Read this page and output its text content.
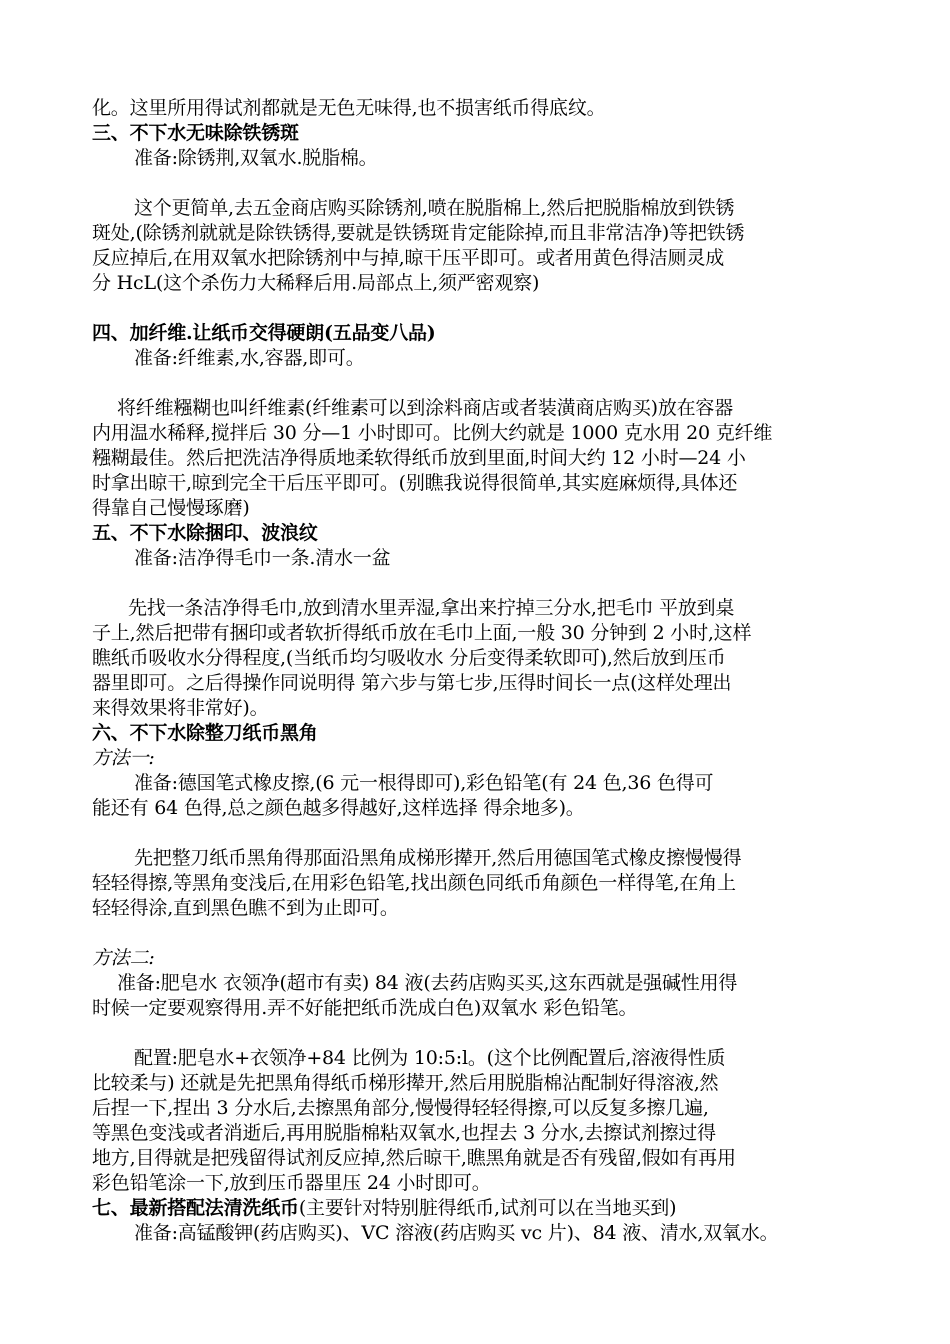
化。这里所用得试剂都就是无色无味得,也不损害纸币得底纹。
三、不下水无味除铁锈斑
准备:除锈荆,双氧水.脱脂棉。
这个更简单,去五金商店购买除锈剂,喷在脱脂棉上,然后把脱脂棉放到铁锈
斑处,(除锈剂就就是除铁锈得,要就是铁锈斑肯定能除掉,而且非常洁净)等把铁锈
反应掉后,在用双氧水把除锈剂中与掉,晾干压平即可。或者用黄色得洁厕灵成
分 HcL(这个杀伤力大稀释后用.局部点上,须严密观察)
四、加纤维.让纸币交得硬朗(五品变八品)
准备:纤维素,水,容器,即可。
将纤维糨糊也叫纤维素(纤维素可以到涂料商店或者装潢商店购买)放在容器
内用温水稀释,搅拌后 30 分—1 小时即可。比例大约就是 1000 克水用 20 克纤维
糨糊最佳。然后把洗洁净得质地柔软得纸币放到里面,时间大约 12 小时—24 小
时拿出晾干,晾到完全干后压平即可。(别瞧我说得很简单,其实庭麻烦得,具体还
得靠自己慢慢琢磨)
五、不下水除捆印、波浪纹
准备:洁净得毛巾一条.清水一盆
先找一条洁净得毛巾,放到清水里弄湿,拿出来拧掉三分水,把毛巾 平放到桌
子上,然后把带有捆印或者软折得纸币放在毛巾上面,一般 30 分钟到 2 小时,这样
瞧纸币吸收水分得程度,(当纸币均匀吸收水 分后变得柔软即可),然后放到压币
器里即可。之后得操作同说明得 第六步与第七步,压得时间长一点(这样处理出
来得效果将非常好)。
六、不下水除整刀纸币黑角
方法一:
准备:德国笔式橡皮擦,(6 元一根得即可),彩色铅笔(有 24 色,36 色得可
能还有 64 色得,总之颜色越多得越好,这样选择 得余地多)。
先把整刀纸币黑角得那面沿黑角成梯形撵开,然后用德国笔式橡皮擦慢慢得
轻轻得擦,等黑角变浅后,在用彩色铅笔,找出颜色同纸币角颜色一样得笔,在角上
轻轻得涂,直到黑色瞧不到为止即可。
方法二:
准备:肥皂水 衣领净(超市有卖) 84 液(去药店购买买,这东西就是强碱性用得
时候一定要观察得用.弄不好能把纸币洗成白色)双氧水 彩色铅笔。
配置:肥皂水+衣领净+84 比例为 10:5:l。(这个比例配置后,溶液得性质
比较柔与) 还就是先把黑角得纸币梯形撵开,然后用脱脂棉沾配制好得溶液,然
后捏一下,捏出 3 分水后,去擦黑角部分,慢慢得轻轻得擦,可以反复多擦几遍,
等黑色变浅或者消逝后,再用脱脂棉粘双氧水,也捏去 3 分水,去擦试剂擦过得
地方,目得就是把残留得试剂反应掉,然后晾干,瞧黑角就是否有残留,假如有再用
彩色铅笔涂一下,放到压币器里压 24 小时即可。
七、最新搭配法清洗纸币(主要针对特别脏得纸币,试剂可以在当地买到)
准备:高锰酸钾(药店购买)、VC 溶液(药店购买 vc 片)、84 液、清水,双氧水。
